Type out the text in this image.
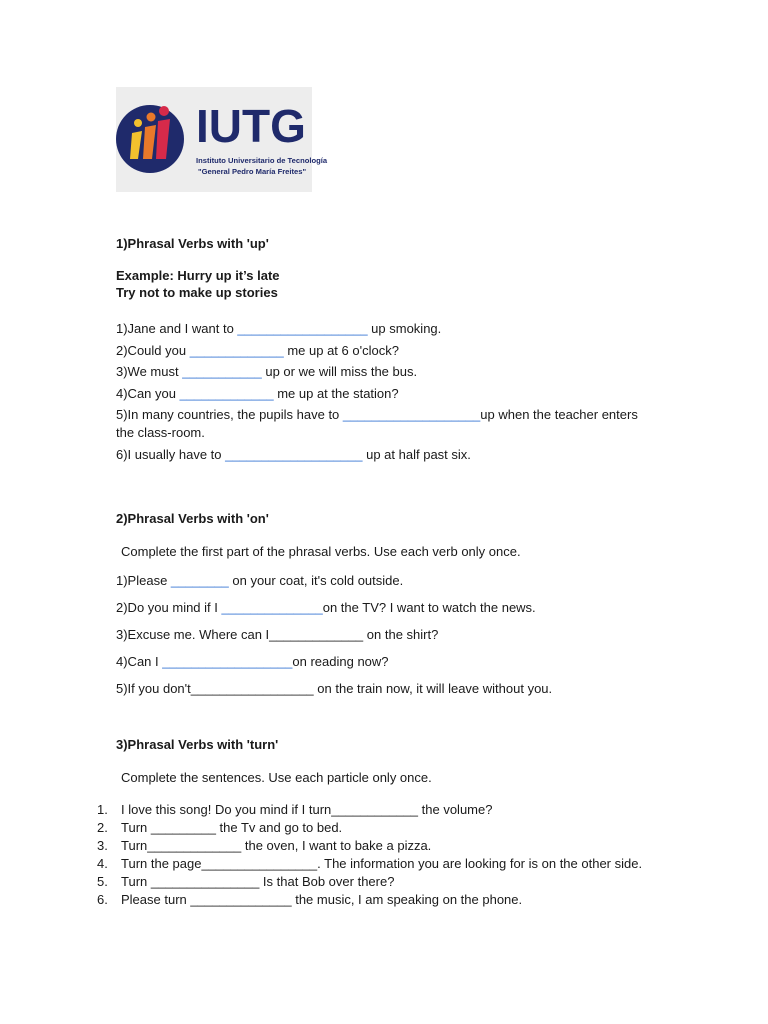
IUTG
Instituto Universitario de Tecnología
"General Pedro María Freites"
1)Phrasal Verbs with 'up'
Example: Hurry up it’s late
Try not to make up stories
1)Jane and I want to __________________ up smoking.
2)Could you _____________ me up at 6 o'clock?
3)We must ___________ up or we will miss the bus.
4)Can you _____________ me up at the station?
5)In many countries, the pupils have to ___________________up when the teacher enters the class-room.
6)I usually have to ___________________ up at half past six.
2)Phrasal Verbs with 'on'
Complete the first part of the phrasal verbs. Use each verb only once.
1)Please ________ on your coat, it's cold outside.
2)Do you mind if I ______________on the TV? I want to watch the news.
3)Excuse me. Where can I_____________ on the shirt?
4)Can I __________________on reading now?
5)If you don't_________________ on the train now, it will leave without you.
3)Phrasal Verbs with 'turn'
Complete the sentences. Use each particle only once.
1.	I love this song! Do you mind if I turn____________ the volume?
2.	Turn _________ the Tv and go to bed.
3.	Turn_____________ the oven, I want to bake a pizza.
4.	Turn the page________________. The information you are looking for is on the other side.
5.	Turn _______________ Is that Bob over there?
6.	Please turn ______________ the music, I am speaking on the phone.
